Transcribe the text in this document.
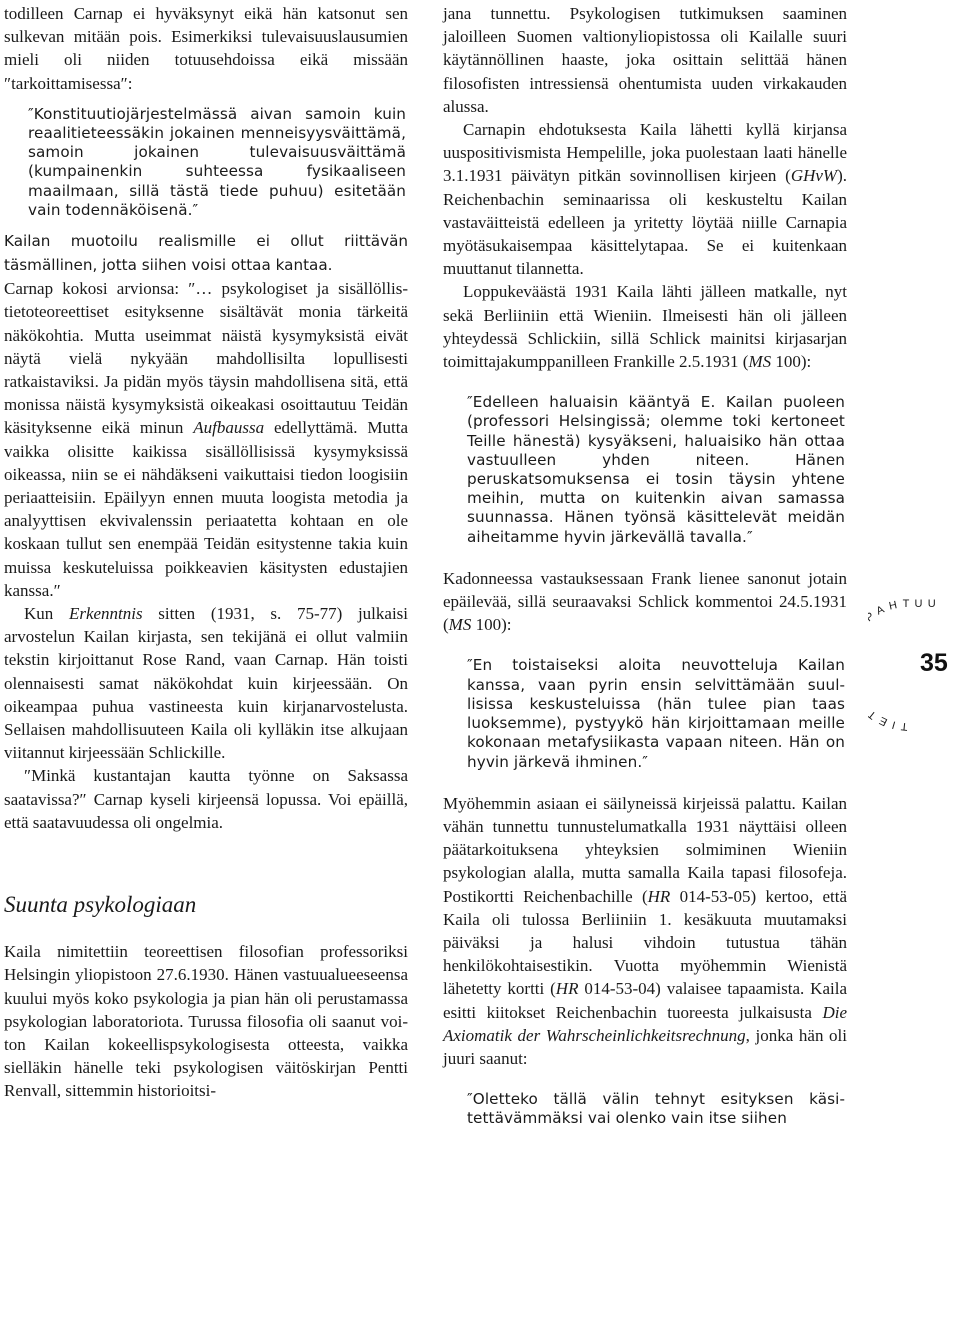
todilleen Carnap ei hyväksynyt eikä hän katsonut sen sulkevan mitään pois. Esimerkiksi tulevaisuuslausumien mieli oli niiden totuusehdoissa eikä missään ″tarkoittamisessa″:

″Konstituutiojärjestelmässä aivan samoin kuin reaalitieteessäkin jokainen menneisyysväittämä, samoin jokainen tulevaisuusväittämä (kumpainenkin suhteessa fysikaaliseen maailmaan, sillä tästä tiede puhuu) esitetään vain todennäköisenä.″

Kailan muotoilu realismille ei ollut riittävän täsmällinen, jotta siihen voisi ottaa kantaa.

Carnap kokosi arvionsa: ″… psykologiset ja sisällöllis-tietoteoreettiset esityksenne sisältävät monia tärkeitä näkökohtia. Mutta useimmat näistä kysymyksistä eivät näytä vielä nykyään mahdollisilta lopullisesti ratkaistaviksi. Ja pidän myös täysin mahdollisena sitä, että monissa näistä kysymyksistä oikeakasi osoittautuu Teidän käsityksenne eikä minun Aufbaussa edellyttämä. Mutta vaikka olisitte kaikissa sisällöllisissä kysymyksissä oikeassa, niin se ei nähdäkseni vaikuttaisi tiedon loogisiin periaatteisiin. Epäilyyn ennen muuta loogista metodia ja analyyttisen ekvivalenssin periaatetta kohtaan en ole koskaan tullut sen enempää Teidän esitystenne takia kuin muissa keskuteluissa poikkeavien käsitysten edustajien kanssa.″

Kun Erkenntnis sitten (1931, s. 75-77) julkaisi arvostelun Kailan kirjasta, sen tekijänä ei ollut valmiin tekstin kirjoittanut Rose Rand, vaan Carnap. Hän toisti olennaisesti samat näkökohdat kuin kirjeessään. On oikeampaa puhua vastineesta kuin kirjanarvostelusta. Sellaisen mahdollisuuteen Kaila oli kylläkin itse alkujaan viitannut kirjeessään Schlickille.

″Minkä kustantajan kautta työnne on Saksassa saatavissa?″ Carnap kyseli kirjeensä lopussa. Voi epäillä, että saatavuudessa oli ongelmia.

Suunta psykologiaan

Kaila nimitettiin teoreettisen filosofian professoriksi Helsingin yliopistoon 27.6.1930. Hänen vastuualueeseensa kuului myös koko psykologia ja pian hän oli perustamassa psykologian laboratoriota. Turussa filosofia oli saanut voiton Kailan kokeellispsykologisesta otteesta, vaikka sielläkin hänelle teki psykologisen väitöskirjan Pentti Renvall, sittemmin historioitsi-

jana tunnettu. Psykologisen tutkimuksen saaminen jaloilleen Suomen valtionyliopistossa oli Kailalle suuri käytännöllinen haaste, joka osittain selittää hänen filosofisten intressiensä ohentumista uuden virkakauden alussa.

Carnapin ehdotuksesta Kaila lähetti kyllä kirjansa uuspositivismista Hempelille, joka puolestaan laati hänelle 3.1.1931 päivätyn pitkän sovinnollisen kirjeen (GHvW). Reichenbachin seminaarissa oli keskusteltu Kailan vastaväitteistä edelleen ja yritetty löytää niille Carnapia myötäsukaisempaa käsittelytapaa. Se ei kuitenkaan muuttanut tilannetta.

Loppukeväästä 1931 Kaila lähti jälleen matkalle, nyt sekä Berliiniin että Wieniin. Ilmeisesti hän oli jälleen yhteydessä Schlickiin, sillä Schlick mainitsi kirjasarjan toimittajakumppanilleen Frankille 2.5.1931 (MS 100):

″Edelleen haluaisin kääntyä E. Kailan puoleen (professori Helsingissä; olemme toki kertoneet Teille hänestä) kysyäkseni, haluaisiko hän ottaa vastuulleen yhden niteen. Hänen peruskatsomuksensa ei tosin täysin yhtene meihin, mutta on kuitenkin aivan samassa suunnassa. Hänen työnsä käsittelevät meidän aiheitamme hyvin järkevällä tavalla.″

Kadonneessa vastauksessaan Frank lienee sanonut jotain epäilevää, sillä seuraavaksi Schlick kommentoi 24.5.1931 (MS 100):

″En toistaiseksi aloita neuvotteluja Kailan kanssa, vaan pyrin ensin selvittämään suullisissa keskusteluissa (hän tulee pian taas luoksemme), pystyykö hän kirjoittamaan meille kokonaan metafysiikasta vapaan niteen. Hän on hyvin järkevä ihminen.″

Myöhemmin asiaan ei säilyneissä kirjeissä palattu. Kailan vähän tunnettu tunnustelumatkalla 1931 näyttäisi olleen päätarkoituksena yhteyksien solmiminen Wieniin psykologian alalla, mutta samalla Kaila tapasi filosofeja. Postikortti Reichenbachille (HR 014-53-05) kertoo, että Kaila oli tulossa Berliiniin 1. kesäkuuta muutamaksi päiväksi ja halusi vihdoin tutustua tähän henkilökohtaisestikin. Vuotta myöhemmin Wienistä lähetetty kortti (HR 014-53-04) valaisee tapaamista. Kaila esitti kiitokset Reichenbachin tuoreesta julkaisusta Die Axiomatik der Wahrscheinlichkeitsrechnung, jonka hän oli juuri saanut:

″Oletteko tällä välin tehnyt esityksen käsitettävämmäksi vai olenko vain itse siihen

TIE AHTUU
35
